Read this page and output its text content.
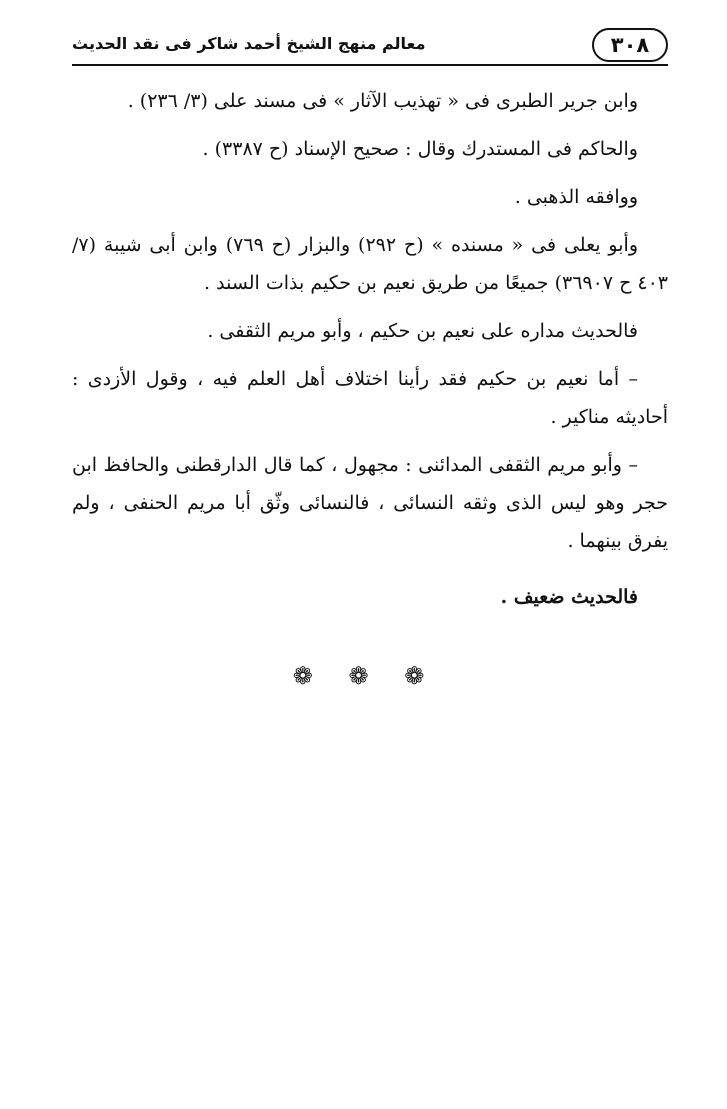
٣٠٨
معالم منهج الشيخ أحمد شاكر فى نقد الحديث

وابن جرير الطبرى فى « تهذيب الآثار » فى مسند على (٣/ ٢٣٦) .

والحاكم فى المستدرك وقال : صحيح الإسناد (ح ٣٣٨٧) .

ووافقه الذهبى .

وأبو يعلى فى « مسنده » (ح ٢٩٢) والبزار (ح ٧٦٩) وابن أبى شيبة (٧/ ٤٠٣ ح ٣٦٩٠٧) جميعًا من طريق نعيم بن حكيم بذات السند .

فالحديث مداره على نعيم بن حكيم ، وأبو مريم الثقفى .

– أما نعيم بن حكيم فقد رأينا اختلاف أهل العلم فيه ، وقول الأزدى : أحاديثه مناكير .

– وأبو مريم الثقفى المدائنى : مجهول ، كما قال الدارقطنى والحافظ ابن حجر وهو ليس الذى وثقه النسائى ، فالنسائى وثّق أبا مريم الحنفى ، ولم يفرق بينهما .

فالحديث ضعيف .

❁ ❁ ❁
